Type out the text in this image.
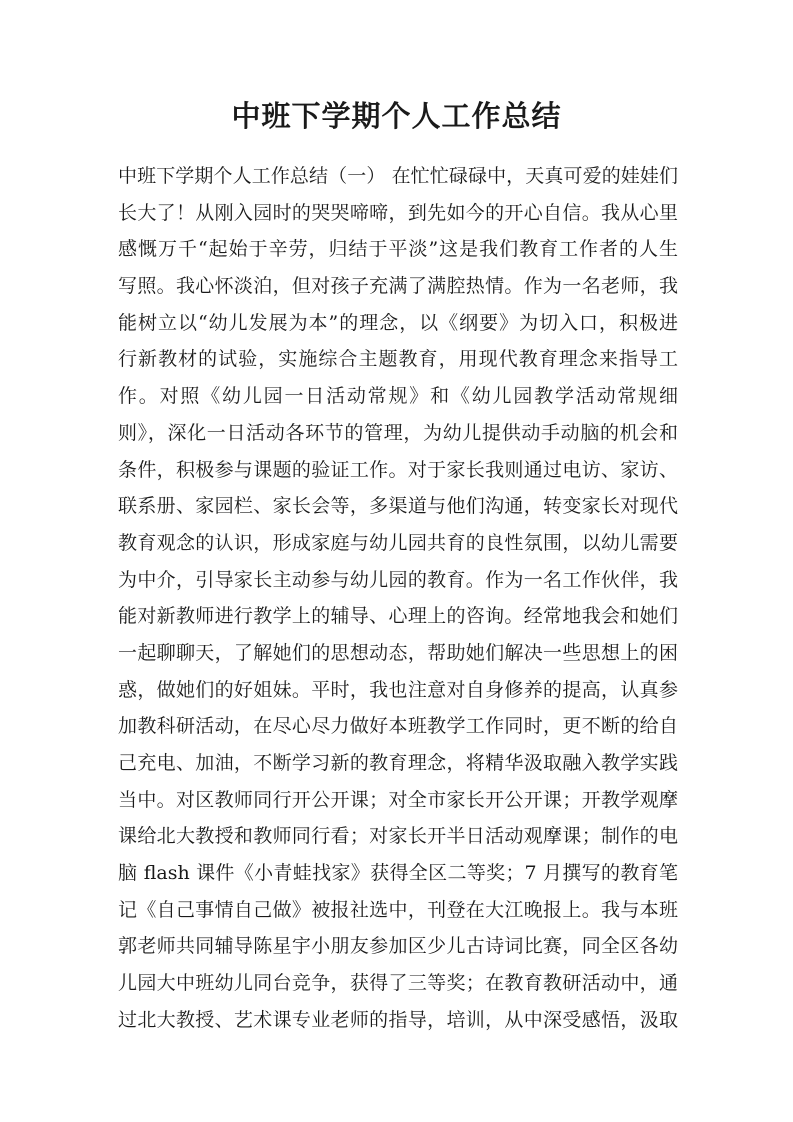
中班下学期个人工作总结
中班下学期个人工作总结（一） 在忙忙碌碌中，天真可爱的娃娃们
长大了！从刚入园时的哭哭啼啼，到先如今的开心自信。我从心里
感慨万千“起始于辛劳，归结于平淡”这是我们教育工作者的人生
写照。我心怀淡泊，但对孩子充满了满腔热情。作为一名老师，我
能树立以“幼儿发展为本”的理念，以《纲要》为切入口，积极进
行新教材的试验，实施综合主题教育，用现代教育理念来指导工
作。对照《幼儿园一日活动常规》和《幼儿园教学活动常规细
则》，深化一日活动各环节的管理，为幼儿提供动手动脑的机会和
条件，积极参与课题的验证工作。对于家长我则通过电访、家访、
联系册、家园栏、家长会等，多渠道与他们沟通，转变家长对现代
教育观念的认识，形成家庭与幼儿园共育的良性氛围，以幼儿需要
为中介，引导家长主动参与幼儿园的教育。作为一名工作伙伴，我
能对新教师进行教学上的辅导、心理上的咨询。经常地我会和她们
一起聊聊天，了解她们的思想动态，帮助她们解决一些思想上的困
惑，做她们的好姐妹。平时，我也注意对自身修养的提高，认真参
加教科研活动，在尽心尽力做好本班教学工作同时，更不断的给自
己充电、加油，不断学习新的教育理念，将精华汲取融入教学实践
当中。对区教师同行开公开课；对全市家长开公开课；开教学观摩
课给北大教授和教师同行看；对家长开半日活动观摩课；制作的电
脑 flash 课件《小青蛙找家》获得全区二等奖；7 月撰写的教育笔
记《自己事情自己做》被报社选中，刊登在大江晚报上。我与本班
郭老师共同辅导陈星宇小朋友参加区少儿古诗词比赛，同全区各幼
儿园大中班幼儿同台竞争，获得了三等奖；在教育教研活动中，通
过北大教授、艺术课专业老师的指导，培训，从中深受感悟，汲取
